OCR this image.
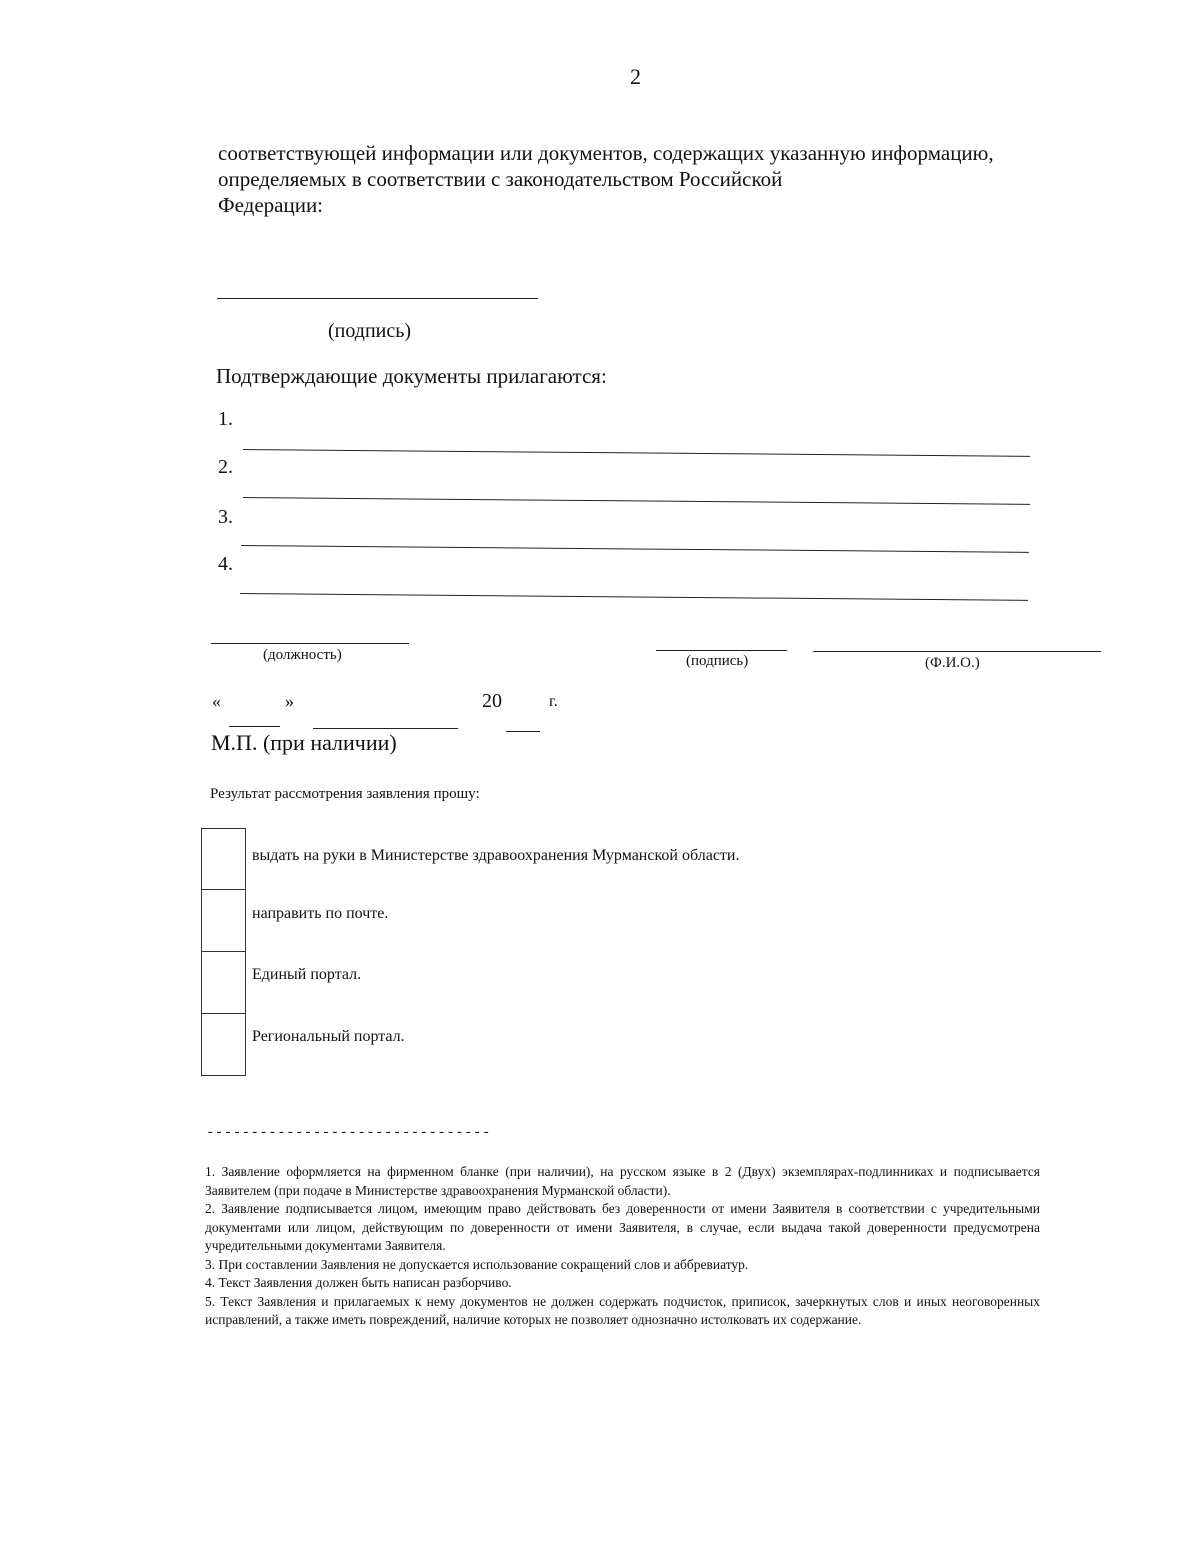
2
соответствующей информации или документов, содержащих указанную информацию,
определяемых в соответствии с законодательством Российской
Федерации:
(подпись)
Подтверждающие документы прилагаются:
1.
2.
3.
4.
(должность)	(подпись)	(Ф.И.О.)
«	»	20	г.
М.П. (при наличии)
Результат рассмотрения заявления прошу:
выдать на руки в Министерстве здравоохранения Мурманской области.
направить по почте.
Единый портал.
Региональный портал.
--------------------------------

1. Заявление оформляется на фирменном бланке (при наличии), на русском языке в 2 (Двух) экземплярах-подлинниках и подписывается Заявителем (при подаче в Министерстве здравоохранения Мурманской области).

2. Заявление подписывается лицом, имеющим право действовать без доверенности от имени Заявителя в соответствии с учредительными документами или лицом, действующим по доверенности от имени Заявителя, в случае, если выдача такой доверенности предусмотрена учредительными документами Заявителя.

3. При составлении Заявления не допускается использование сокращений слов и аббревиатур.

4. Текст Заявления должен быть написан разборчиво.

5. Текст Заявления и прилагаемых к нему документов не должен содержать подчисток, приписок, зачеркнутых слов и иных неоговоренных исправлений, а также иметь повреждений, наличие которых не позволяет однозначно истолковать их содержание.
